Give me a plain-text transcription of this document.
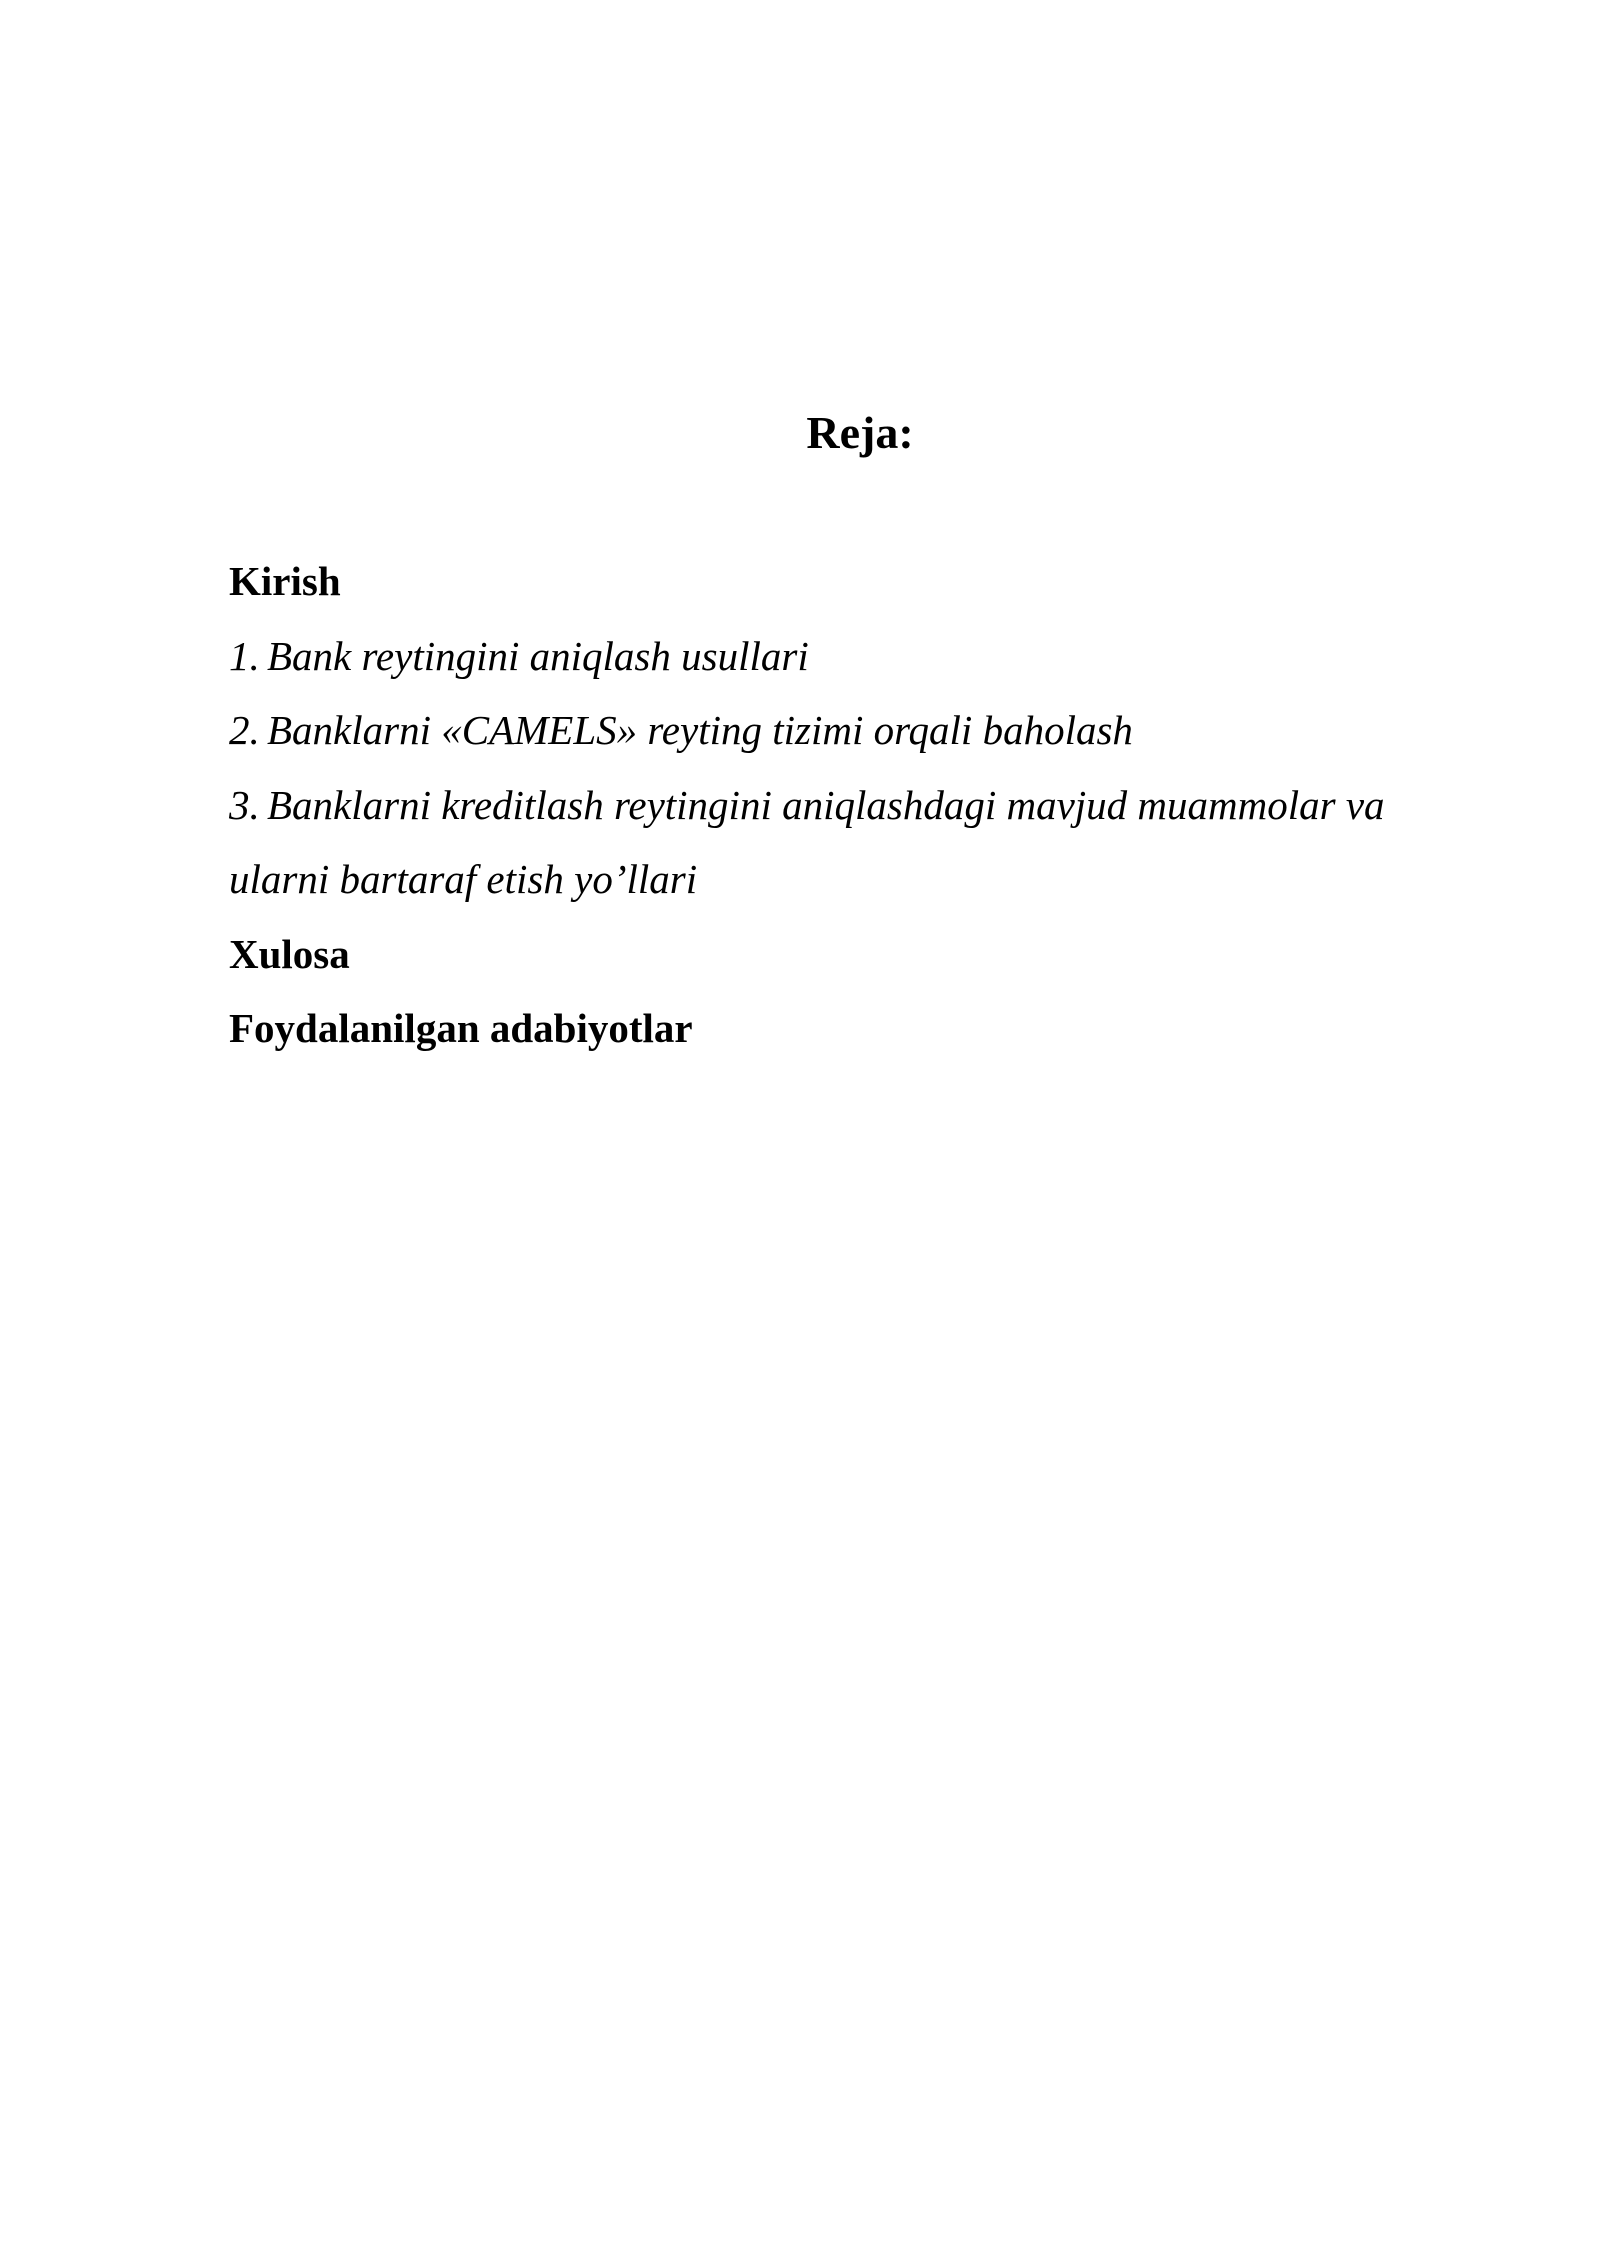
Reja:
Kirish
1. Bank reytingini aniqlash usullari
2. Banklarni «CAMELS» reyting tizimi orqali baholash
3. Banklarni kreditlash reytingini aniqlashdagi mavjud muammolar va ularni bartaraf etish yo’llari
Xulosa
Foydalanilgan adabiyotlar
